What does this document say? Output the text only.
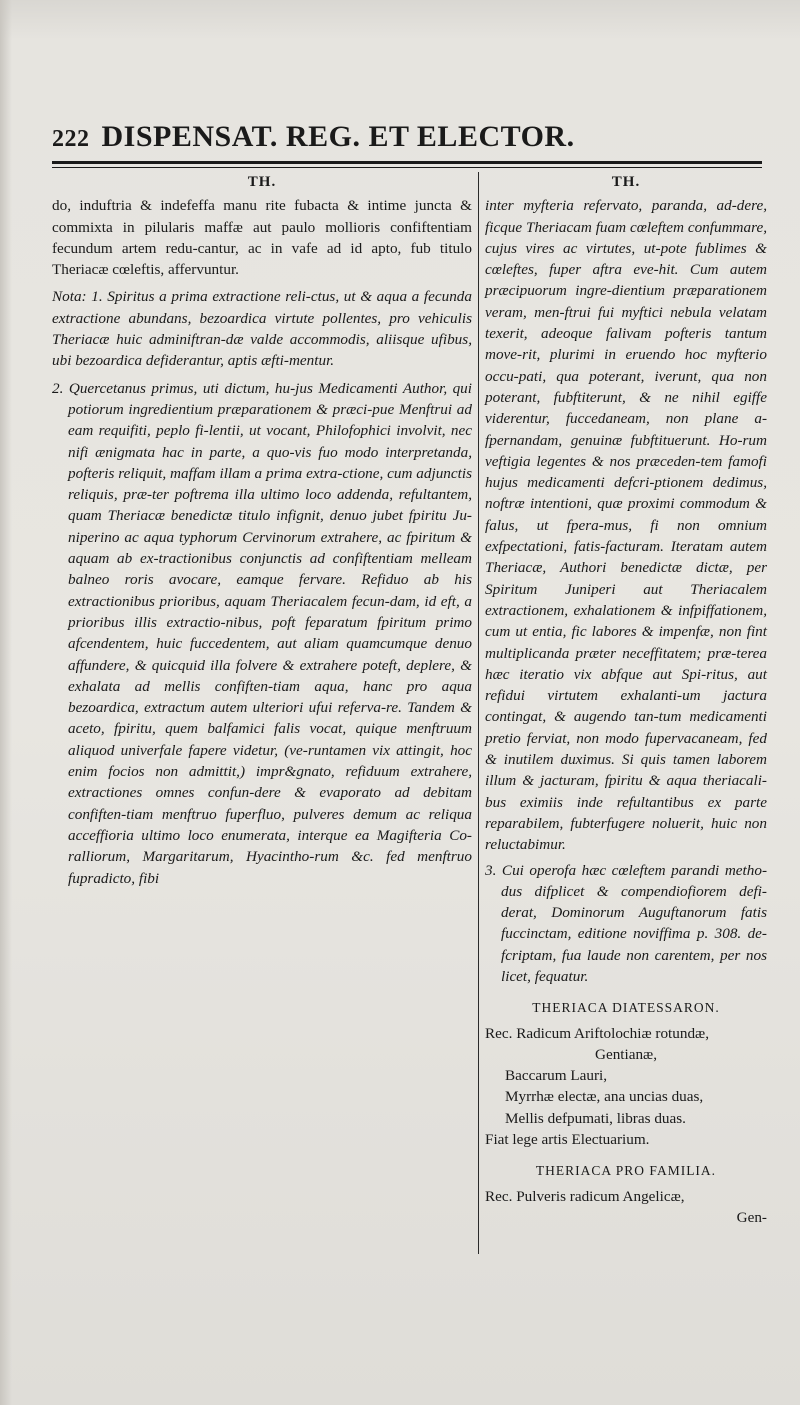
222 DISPENSAT. REG. ET ELECTOR.
TH.

do, induftria & indefeffa manu rite fubacta & intime juncta & commixta in pilularis maffæ aut paulo mollioris confiftentiam fecundum artem redu-cantur, ac in vafe ad id apto, fub titulo Theriacæ cœleftis, affervuntur.

Nota: 1. Spiritus a prima extractione reli-ctus, ut & aqua a fecunda extractione abundans, bezoardica virtute pollentes, pro vehiculis Theriacæ huic adminiftran-dæ valde accommodis, aliisque ufibus, ubi bezoardica defiderantur, aptis æfti-mentur.

2. Quercetanus primus, uti dictum, hu-jus Medicamenti Author, qui potiorum ingredientium præparationem & præci-pue Menftrui ad eam requifiti, peplo fi-lentii, ut vocant, Philofophici involvit, nec nifi ænigmata hac in parte, a quo-vis fuo modo interpretanda, pofteris reliquit, maffam illam a prima extra-ctione, cum adjunctis reliquis, præ-ter poftrema illa ultimo loco addenda, refultantem, quam Theriacæ benedictæ titulo infignit, denuo jubet fpiritu Ju-niperino ac aqua typhorum Cervinorum extrahere, ac fpiritum & aquam ab ex-tractionibus conjunctis ad confiftentiam melleam balneo roris avocare, eamque fervare. Refiduo ab his extractionibus prioribus, aquam Theriacalem fecun-dam, id eft, a prioribus illis extractio-nibus, poft feparatum fpiritum primo afcendentem, huic fuccedentem, aut aliam quamcumque denuo affundere, & quicquid illa folvere & extrahere poteft, deplere, & exhalata ad mellis confiften-tiam aqua, hanc pro aqua bezoardica, extractum autem ulteriori ufui referva-re. Tandem & aceto, fpiritu, quem balfamici falis vocat, quique menftruum aliquod univerfale fapere videtur, (ve-runtamen vix attingit, hoc enim focios non admittit,) impr&gnato, refiduum extrahere, extractiones omnes confun-dere & evaporato ad debitam confiften-tiam menftruo fuperfluo, pulveres demum ac reliqua acceffioria ultimo loco enumerata, interque ea Magifteria Co-ralliorum, Margaritarum, Hyacintho-rum &c. fed menftruo fupradicto, fibi

TH.

inter myfteria refervato, paranda, ad-dere, ficque Theriacam fuam cœleftem confummare, cujus vires ac virtutes, ut-pote fublimes & cœleftes, fuper aftra eve-hit. Cum autem præcipuorum ingre-dientium præparationem veram, men-ftrui fui myftici nebula velatam texerit, adeoque falivam pofteris tantum move-rit, plurimi in eruendo hoc myfterio occu-pati, qua poterant, iverunt, qua non poterant, fubftiterunt, & ne nihil egiffe viderentur, fuccedaneam, non plane a-fpernandam, genuinæ fubftituerunt. Ho-rum veftigia legentes & nos præceden-tem famofi hujus medicamenti defcri-ptionem dedimus, noftræ intentioni, quæ proximi commodum & falus, ut fpera-mus, fi non omnium exfpectationi, fatis-facturam. Iteratam autem Theriacæ, Authori benedictæ dictæ, per Spiritum Juniperi aut Theriacalem extractionem, exhalationem & infpiffationem, cum ut entia, fic labores & impenfæ, non fint multiplicanda præter neceffitatem; præ-terea hæc iteratio vix abfque aut Spi-ritus, aut refidui virtutem exhalanti-um jactura contingat, & augendo tan-tum medicamenti pretio ferviat, non modo fupervacaneam, fed & inutilem duximus. Si quis tamen laborem illum & jacturam, fpiritu & aqua theriacali-bus eximiis inde refultantibus ex parte reparabilem, fubterfugere noluerit, huic non reluctabimur.

3. Cui operofa hæc cœleftem parandi metho-dus difplicet & compendiofiorem defi-derat, Dominorum Auguftanorum fatis fuccinctam, editione noviffima p. 308. de-fcriptam, fua laude non carentem, per nos licet, fequatur.

THERIACA DIATESSARON.

Rec. Radicum Ariftolochiæ rotundæ,

Gentianæ,

Baccarum Lauri,

Myrrhæ electæ, ana uncias duas,

Mellis defpumati, libras duas.

Fiat lege artis Electuarium.

THERIACA PRO FAMILIA.

Rec. Pulveris radicum Angelicæ,

Gen-
